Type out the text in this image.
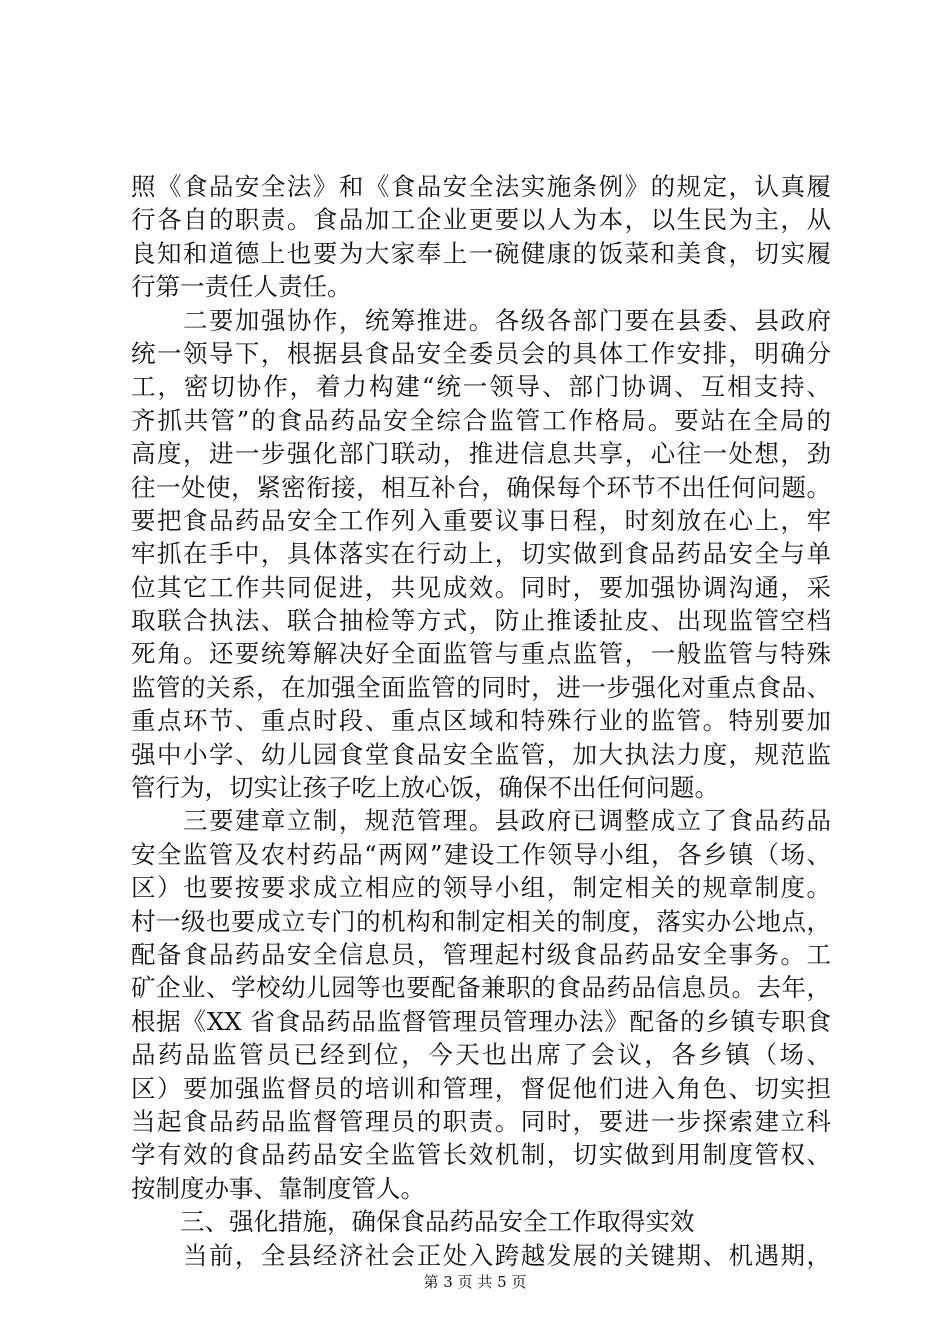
照《食品安全法》和《食品安全法实施条例》的规定，认真履
行各自的职责。食品加工企业更要以人为本，以生民为主，从
良知和道德上也要为大家奉上一碗健康的饭菜和美食，切实履
行第一责任人责任。
　　二要加强协作，统筹推进。各级各部门要在县委、县政府
统一领导下，根据县食品安全委员会的具体工作安排，明确分
工，密切协作，着力构建“统一领导、部门协调、互相支持、
齐抓共管”的食品药品安全综合监管工作格局。要站在全局的
高度，进一步强化部门联动，推进信息共享，心往一处想，劲
往一处使，紧密衔接，相互补台，确保每个环节不出任何问题。
要把食品药品安全工作列入重要议事日程，时刻放在心上，牢
牢抓在手中，具体落实在行动上，切实做到食品药品安全与单
位其它工作共同促进，共见成效。同时，要加强协调沟通，采
取联合执法、联合抽检等方式，防止推诿扯皮、出现监管空档
死角。还要统筹解决好全面监管与重点监管，一般监管与特殊
监管的关系，在加强全面监管的同时，进一步强化对重点食品、
重点环节、重点时段、重点区域和特殊行业的监管。特别要加
强中小学、幼儿园食堂食品安全监管，加大执法力度，规范监
管行为，切实让孩子吃上放心饭，确保不出任何问题。
　　三要建章立制，规范管理。县政府已调整成立了食品药品
安全监管及农村药品“两网”建设工作领导小组，各乡镇（场、
区）也要按要求成立相应的领导小组，制定相关的规章制度。
村一级也要成立专门的机构和制定相关的制度，落实办公地点，
配备食品药品安全信息员，管理起村级食品药品安全事务。工
矿企业、学校幼儿园等也要配备兼职的食品药品信息员。去年，
根据《XX 省食品药品监督管理员管理办法》配备的乡镇专职食
品药品监管员已经到位，今天也出席了会议，各乡镇（场、
区）要加强监督员的培训和管理，督促他们进入角色、切实担
当起食品药品监督管理员的职责。同时，要进一步探索建立科
学有效的食品药品安全监管长效机制，切实做到用制度管权、
按制度办事、靠制度管人。
　　三、强化措施，确保食品药品安全工作取得实效
　　当前，全县经济社会正处入跨越发展的关键期、机遇期，
第 3 页 共 5 页
